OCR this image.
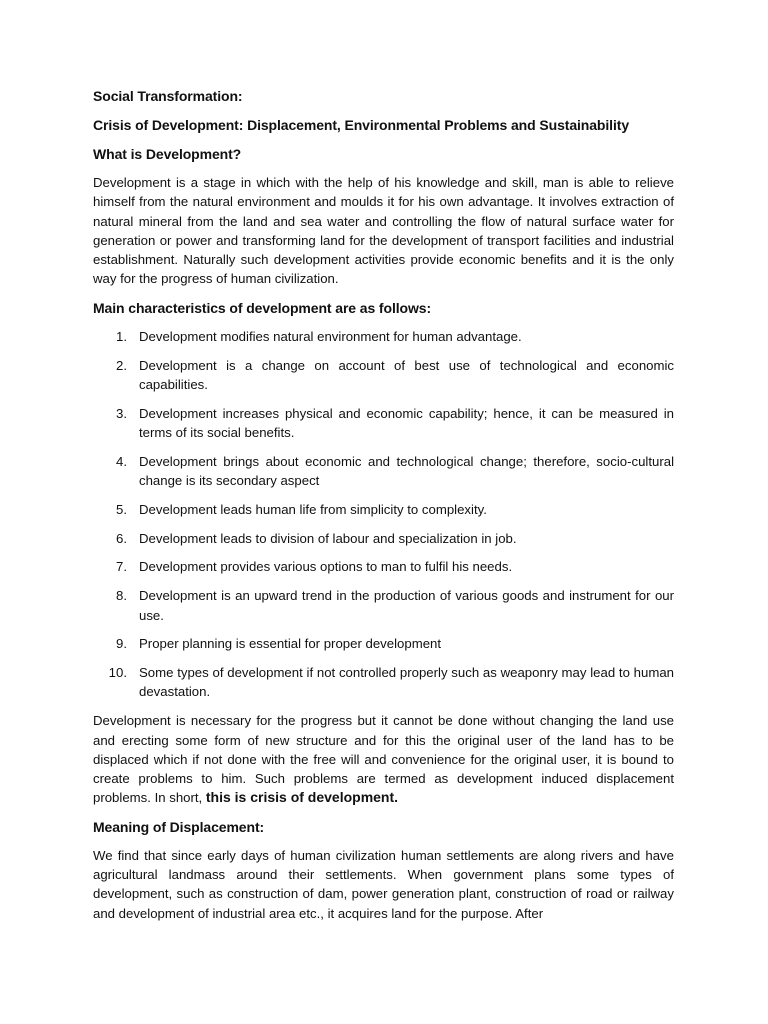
Social Transformation:
Crisis of Development: Displacement, Environmental Problems and Sustainability
What is Development?
Development is a stage in which with the help of his knowledge and skill, man is able to relieve himself from the natural environment and moulds it for his own advantage. It involves extraction of natural mineral from the land and sea water and controlling the flow of natural surface water for generation or power and transforming land for the development of transport facilities and industrial establishment. Naturally such development activities provide economic benefits and it is the only way for the progress of human civilization.
Main characteristics of development are as follows:
1. Development modifies natural environment for human advantage.
2. Development is a change on account of best use of technological and economic capabilities.
3. Development increases physical and economic capability; hence, it can be measured in terms of its social benefits.
4. Development brings about economic and technological change; therefore, socio-cultural change is its secondary aspect
5. Development leads human life from simplicity to complexity.
6. Development leads to division of labour and specialization in job.
7. Development provides various options to man to fulfil his needs.
8. Development is an upward trend in the production of various goods and instrument for our use.
9. Proper planning is essential for proper development
10. Some types of development if not controlled properly such as weaponry may lead to human devastation.
Development is necessary for the progress but it cannot be done without changing the land use and erecting some form of new structure and for this the original user of the land has to be displaced which if not done with the free will and convenience for the original user, it is bound to create problems to him. Such problems are termed as development induced displacement problems. In short, this is crisis of development.
Meaning of Displacement:
We find that since early days of human civilization human settlements are along rivers and have agricultural landmass around their settlements. When government plans some types of development, such as construction of dam, power generation plant, construction of road or railway and development of industrial area etc., it acquires land for the purpose. After
